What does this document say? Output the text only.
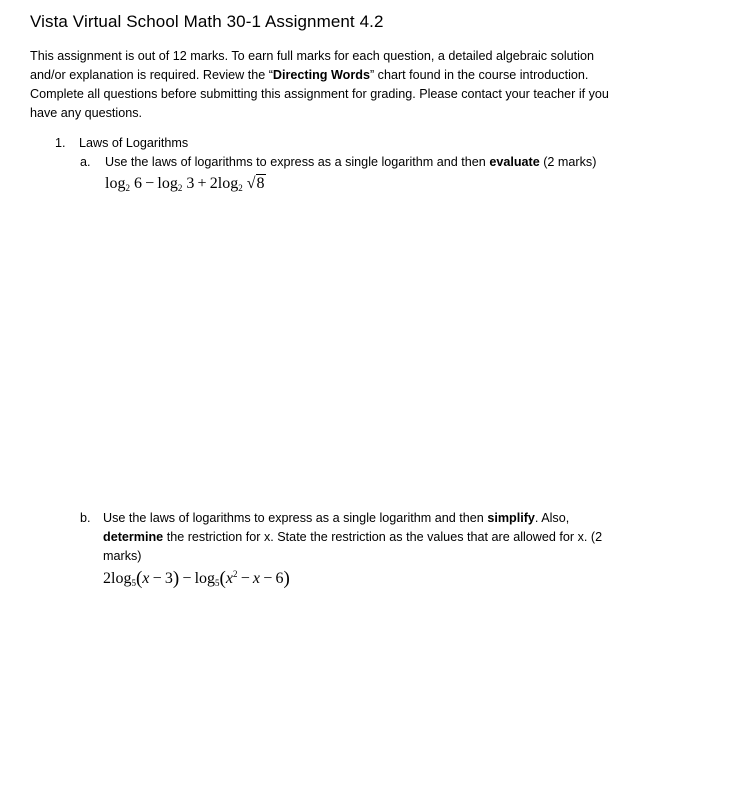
Vista Virtual School Math 30-1 Assignment 4.2
This assignment is out of 12 marks. To earn full marks for each question, a detailed algebraic solution
and/or explanation is required. Review the “Directing Words” chart found in the course introduction.
Complete all questions before submitting this assignment for grading. Please contact your teacher if you
have any questions.
1. Laws of Logarithms
a. Use the laws of logarithms to express as a single logarithm and then evaluate (2 marks)
$\log_2 6 - \log_2 3 + 2\log_2$ √8
b. Use the laws of logarithms to express as a single logarithm and then simplify. Also,
determine the restriction for x. State the restriction as the values that are allowed for x. (2
marks)
$2\log_5(x - 3) - \log_5(x^2 - x - 6)$
